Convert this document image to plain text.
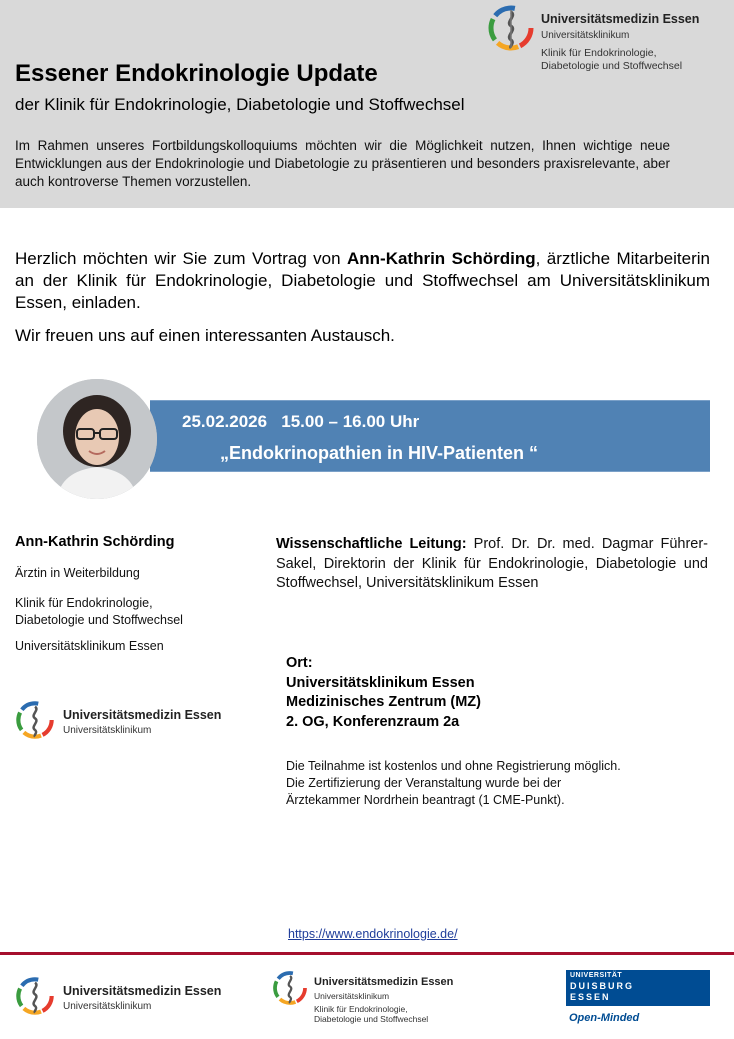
Universitätsmedizin Essen
Universitätsklinikum
Klinik für Endokrinologie,
Diabetologie und Stoffwechsel
Essener Endokrinologie Update
der Klinik für Endokrinologie, Diabetologie und Stoffwechsel

Im Rahmen unseres Fortbildungskolloquiums möchten wir die Möglichkeit nutzen, Ihnen wichtige neue Entwicklungen aus der Endokrinologie und Diabetologie zu präsentieren und besonders praxisrelevante, aber auch kontroverse Themen vorzustellen.

Herzlich möchten wir Sie zum Vortrag von Ann-Kathrin Schörding, ärztliche Mitarbeiterin an der Klinik für Endokrinologie, Diabetologie und Stoffwechsel am Universitätsklinikum Essen, einladen.

Wir freuen uns auf einen interessanten Austausch.

25.02.2026 15.00 – 16.00 Uhr
„Endokrinopathien in HIV-Patienten “
Ann-Kathrin Schörding
Ärztin in Weiterbildung
Klinik für Endokrinologie,
Diabetologie und Stoffwechsel
Universitätsklinikum Essen
Universitätsmedizin Essen
Universitätsklinikum

Wissenschaftliche Leitung: Prof. Dr. Dr. med. Dagmar Führer-Sakel, Direktorin der Klinik für Endokrinologie, Diabetologie und Stoffwechsel, Universitätsklinikum Essen

Ort:
Universitätsklinikum Essen
Medizinisches Zentrum (MZ)
2. OG, Konferenzraum 2a
Die Teilnahme ist kostenlos und ohne Registrierung möglich.
Die Zertifizierung der Veranstaltung wurde bei der
Ärztekammer Nordrhein beantragt (1 CME-Punkt).
https://www.endokrinologie.de/
Universitätsmedizin Essen
Universitätsklinikum
Universitätsmedizin Essen
Universitätsklinikum
Klinik für Endokrinologie,
Diabetologie und Stoffwechsel
UNIVERSITÄT
DUISBURG
ESSEN
Open-Minded
